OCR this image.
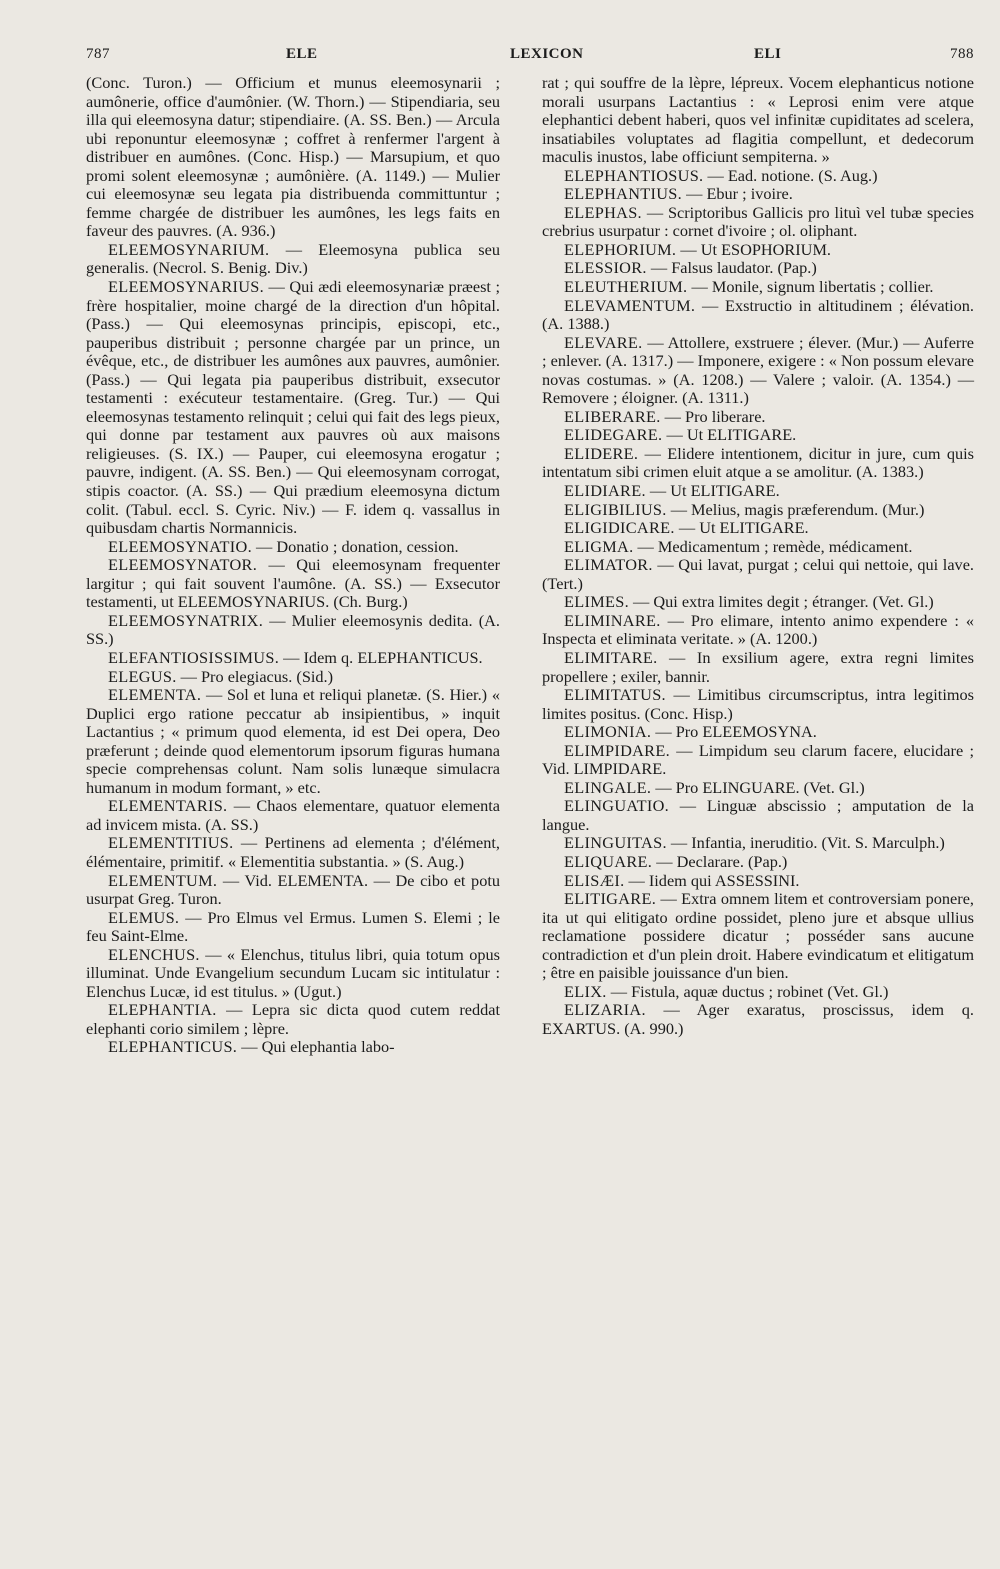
787	ELE	LEXICON	ELI	788

(Conc. Turon.) — Officium et munus eleemosynarii ; aumônerie, office d'aumônier. (W. Thorn.) — Stipendiaria, seu illa qui eleemosyna datur; stipendiaire. (A. SS. Ben.) — Arcula ubi reponuntur eleemosynæ ; coffret à renfermer l'argent à distribuer en aumônes. (Conc. Hisp.) — Marsupium, et quo promi solent eleemosynæ ; aumônière. (A. 1149.) — Mulier cui eleemosynæ seu legata pia distribuenda committuntur ; femme chargée de distribuer les aumônes, les legs faits en faveur des pauvres. (A. 936.)

ELEEMOSYNARIUM. — Eleemosyna publica seu generalis. (Necrol. S. Benig. Div.)

ELEEMOSYNARIUS. — Qui ædi eleemosynariæ præest ; frère hospitalier, moine chargé de la direction d'un hôpital. (Pass.) — Qui eleemosynas principis, episcopi, etc., pauperibus distribuit ; personne chargée par un prince, un évêque, etc., de distribuer les aumônes aux pauvres, aumônier. (Pass.) — Qui legata pia pauperibus distribuit, exsecutor testamenti : exécuteur testamentaire. (Greg. Tur.) — Qui eleemosynas testamento relinquit ; celui qui fait des legs pieux, qui donne par testament aux pauvres où aux maisons religieuses. (S. IX.) — Pauper, cui eleemosyna erogatur ; pauvre, indigent. (A. SS. Ben.) — Qui eleemosynam corrogat, stipis coactor. (A. SS.) — Qui prædium eleemosyna dictum colit. (Tabul. eccl. S. Cyric. Niv.) — F. idem q. vassallus in quibusdam chartis Normannicis.

ELEEMOSYNATIO. — Donatio ; donation, cession.

ELEEMOSYNATOR. — Qui eleemosynam frequenter largitur ; qui fait souvent l'aumône. (A. SS.) — Exsecutor testamenti, ut ELEEMOSYNARIUS. (Ch. Burg.)

ELEEMOSYNATRIX. — Mulier eleemosynis dedita. (A. SS.)

ELEFANTIOSISSIMUS. — Idem q. ELEPHANTICUS.

ELEGUS. — Pro elegiacus. (Sid.)

ELEMENTA. — Sol et luna et reliqui planetæ. (S. Hier.) « Duplici ergo ratione peccatur ab insipientibus, » inquit Lactantius ; « primum quod elementa, id est Dei opera, Deo præferunt ; deinde quod elementorum ipsorum figuras humana specie comprehensas colunt. Nam solis lunæque simulacra humanum in modum formant, » etc.

ELEMENTARIS. — Chaos elementare, quatuor elementa ad invicem mista. (A. SS.)

ELEMENTITIUS. — Pertinens ad elementa ; d'élément, élémentaire, primitif. « Elementitia substantia. » (S. Aug.)

ELEMENTUM. — Vid. ELEMENTA. — De cibo et potu usurpat Greg. Turon.

ELEMUS. — Pro Elmus vel Ermus. Lumen S. Elemi ; le feu Saint-Elme.

ELENCHUS. — « Elenchus, titulus libri, quia totum opus illuminat. Unde Evangelium secundum Lucam sic intitulatur : Elenchus Lucæ, id est titulus. » (Ugut.)

ELEPHANTIA. — Lepra sic dicta quod cutem reddat elephanti corio similem ; lèpre.

ELEPHANTICUS. — Qui elephantia labo-

rat ; qui souffre de la lèpre, lépreux. Vocem elephanticus notione morali usurpans Lactantius : « Leprosi enim vere atque elephantici debent haberi, quos vel infinitæ cupiditates ad scelera, insatiabiles voluptates ad flagitia compellunt, et dedecorum maculis inustos, labe officiunt sempiterna. »

ELEPHANTIOSUS. — Ead. notione. (S. Aug.)

ELEPHANTIUS. — Ebur ; ivoire.

ELEPHAS. — Scriptoribus Gallicis pro lituì vel tubæ species crebrius usurpatur : cornet d'ivoire ; ol. oliphant.

ELEPHORIUM. — Ut ESOPHORIUM.

ELESSIOR. — Falsus laudator. (Pap.)

ELEUTHERIUM. — Monile, signum libertatis ; collier.

ELEVAMENTUM. — Exstructio in altitudinem ; élévation. (A. 1388.)

ELEVARE. — Attollere, exstruere ; élever. (Mur.) — Auferre ; enlever. (A. 1317.) — Imponere, exigere : « Non possum elevare novas costumas. » (A. 1208.) — Valere ; valoir. (A. 1354.) — Removere ; éloigner. (A. 1311.)

ELIBERARE. — Pro liberare.

ELIDEGARE. — Ut ELITIGARE.

ELIDERE. — Elidere intentionem, dicitur in jure, cum quis intentatum sibi crimen eluit atque a se amolitur. (A. 1383.)

ELIDIARE. — Ut ELITIGARE.

ELIGIBILIUS. — Melius, magis præferendum. (Mur.)

ELIGIDICARE. — Ut ELITIGARE.

ELIGMA. — Medicamentum ; remède, médicament.

ELIMATOR. — Qui lavat, purgat ; celui qui nettoie, qui lave. (Tert.)

ELIMES. — Qui extra limites degit ; étranger. (Vet. Gl.)

ELIMINARE. — Pro elimare, intento animo expendere : « Inspecta et eliminata veritate. » (A. 1200.)

ELIMITARE. — In exsilium agere, extra regni limites propellere ; exiler, bannir.

ELIMITATUS. — Limitibus circumscriptus, intra legitimos limites positus. (Conc. Hisp.)

ELIMONIA. — Pro ELEEMOSYNA.

ELIMPIDARE. — Limpidum seu clarum facere, elucidare ; Vid. LIMPIDARE.

ELINGALE. — Pro ELINGUARE. (Vet. Gl.)

ELINGUATIO. — Linguæ abscissio ; amputation de la langue.

ELINGUITAS. — Infantia, ineruditio. (Vit. S. Marculph.)

ELIQUARE. — Declarare. (Pap.)

ELISÆI. — Iidem qui ASSESSINI.

ELITIGARE. — Extra omnem litem et controversiam ponere, ita ut qui elitigato ordine possidet, pleno jure et absque ullius reclamatione possidere dicatur ; posséder sans aucune contradiction et d'un plein droit. Habere evindicatum et elitigatum ; être en paisible jouissance d'un bien.

ELIX. — Fistula, aquæ ductus ; robinet (Vet. Gl.)

ELIZARIA. — Ager exaratus, proscissus, idem q. EXARTUS. (A. 990.)
